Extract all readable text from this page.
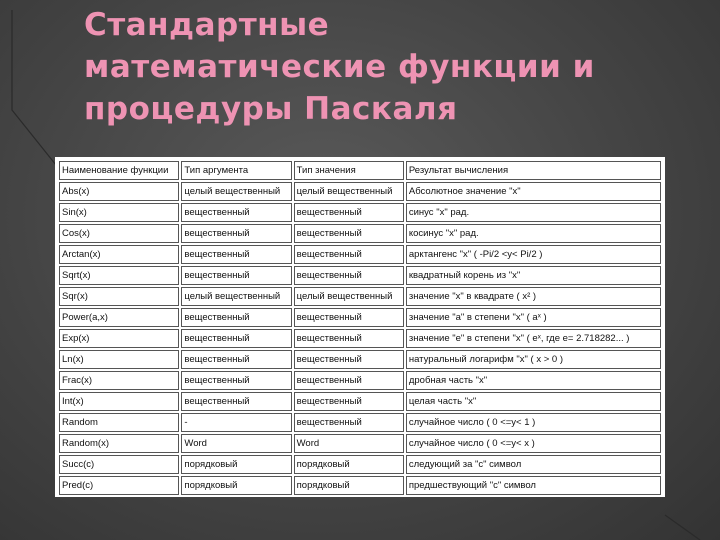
Стандартные
математические функции и
процедуры Паскаля
Наименование функции	Тип аргумента	Тип значения	Результат вычисления
Abs(x)	целый вещественный	целый вещественный	Абсолютное значение "x"
Sin(x)	вещественный	вещественный	синус "x" рад.
Cos(x)	вещественный	вещественный	косинус "x" рад.
Arctan(x)	вещественный	вещественный	арктангенс "x" ( -Pi/2 <y< Pi/2 )
Sqrt(x)	вещественный	вещественный	квадратный корень из "x"
Sqr(x)	целый вещественный	целый вещественный	значение "x" в квадрате ( x² )
Power(a,x)	вещественный	вещественный	значение "a" в степени "x" ( aˣ )
Exp(x)	вещественный	вещественный	значение "e" в степени "x" ( eˣ, где e= 2.718282... )
Ln(x)	вещественный	вещественный	натуральный логарифм "x" ( x > 0 )
Frac(x)	вещественный	вещественный	дробная часть "x"
Int(x)	вещественный	вещественный	целая часть "x"
Random	-	вещественный	случайное число ( 0 <=y< 1 )
Random(x)	Word	Word	случайное число ( 0 <=y< x )
Succ(c)	порядковый	порядковый	следующий за "с" символ
Pred(c)	порядковый	порядковый	предшествующий "с" символ
